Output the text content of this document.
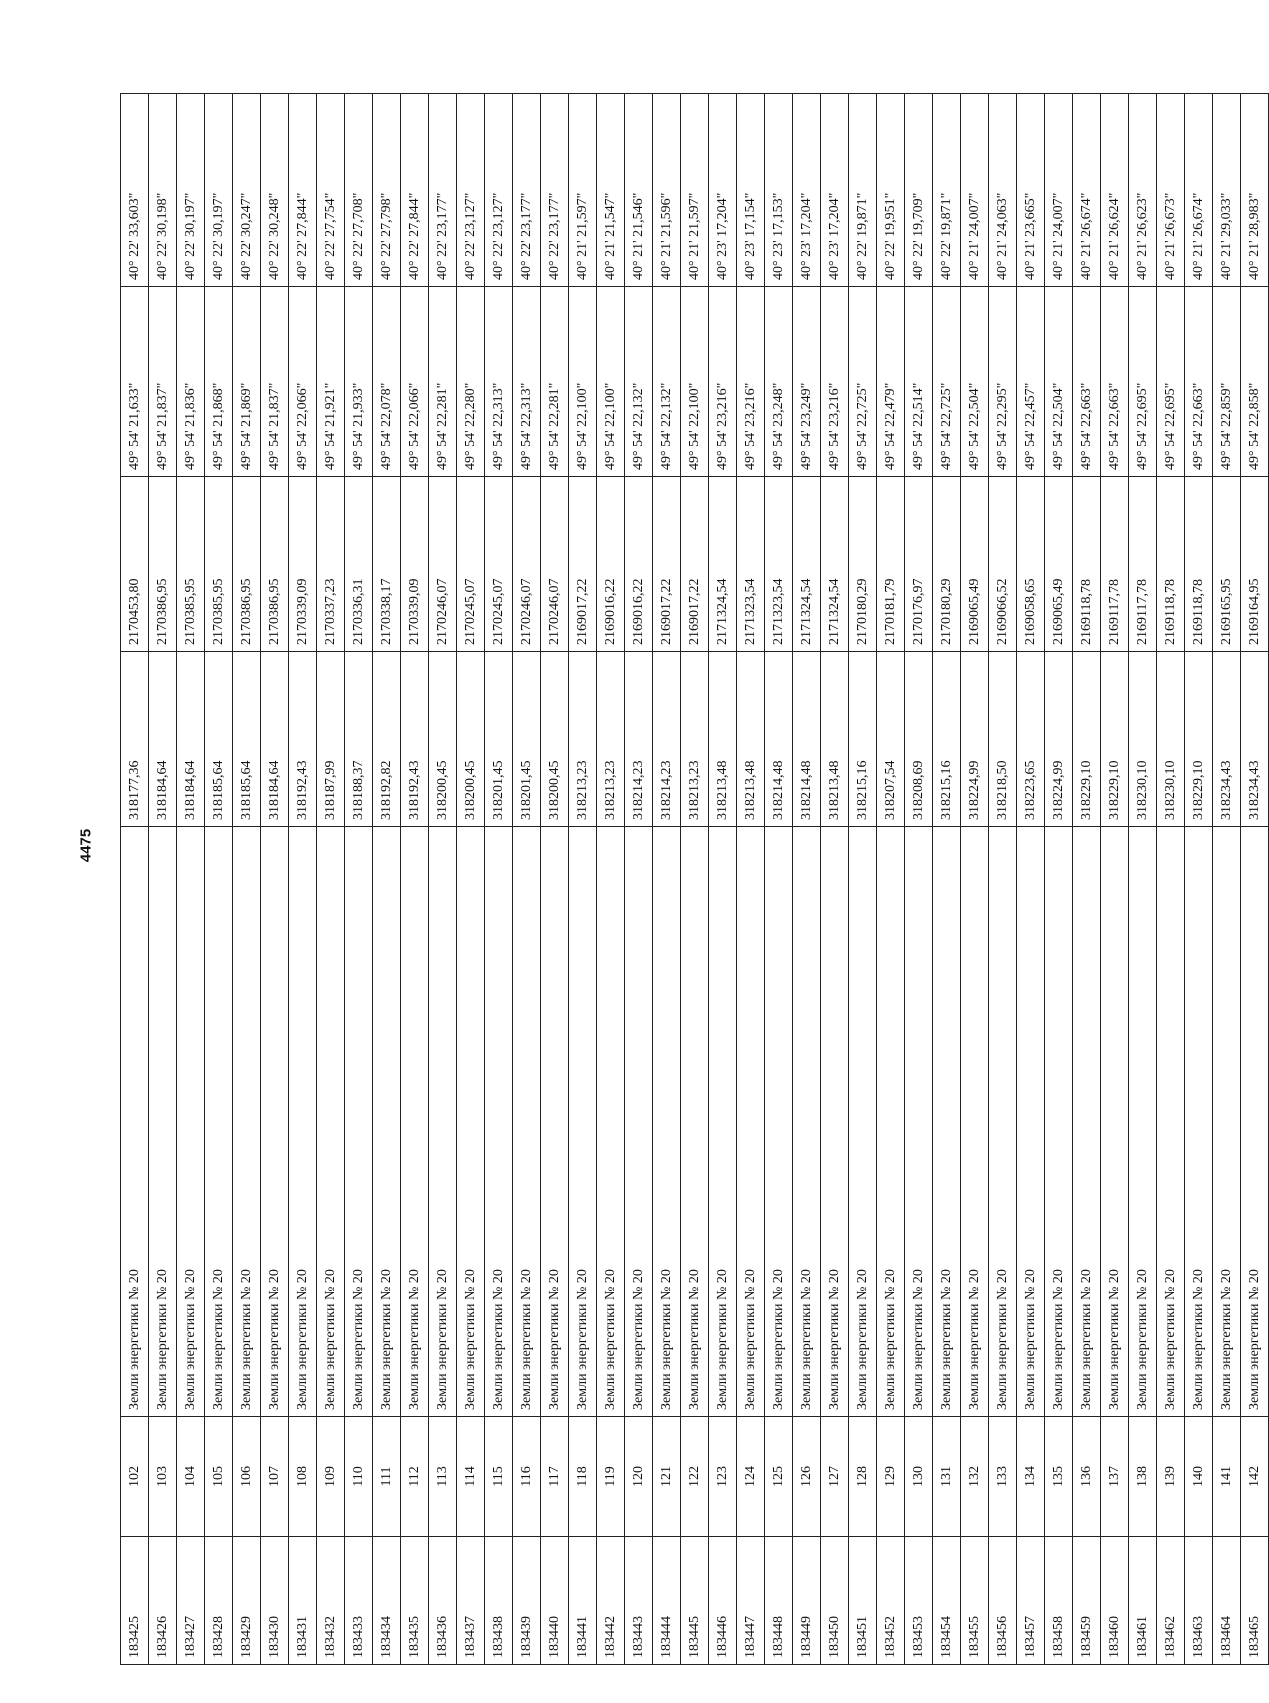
4475
183425	102	Земли энергетики № 20	318177,36	2170453,80	49° 54' 21,633"	40° 22' 33,603"
183426	103	Земли энергетики № 20	318184,64	2170386,95	49° 54' 21,837"	40° 22' 30,198"
183427	104	Земли энергетики № 20	318184,64	2170385,95	49° 54' 21,836"	40° 22' 30,197"
183428	105	Земли энергетики № 20	318185,64	2170385,95	49° 54' 21,868"	40° 22' 30,197"
183429	106	Земли энергетики № 20	318185,64	2170386,95	49° 54' 21,869"	40° 22' 30,247"
183430	107	Земли энергетики № 20	318184,64	2170386,95	49° 54' 21,837"	40° 22' 30,248"
183431	108	Земли энергетики № 20	318192,43	2170339,09	49° 54' 22,066"	40° 22' 27,844"
183432	109	Земли энергетики № 20	318187,99	2170337,23	49° 54' 21,921"	40° 22' 27,754"
183433	110	Земли энергетики № 20	318188,37	2170336,31	49° 54' 21,933"	40° 22' 27,708"
183434	111	Земли энергетики № 20	318192,82	2170338,17	49° 54' 22,078"	40° 22' 27,798"
183435	112	Земли энергетики № 20	318192,43	2170339,09	49° 54' 22,066"	40° 22' 27,844"
183436	113	Земли энергетики № 20	318200,45	2170246,07	49° 54' 22,281"	40° 22' 23,177"
183437	114	Земли энергетики № 20	318200,45	2170245,07	49° 54' 22,280"	40° 22' 23,127"
183438	115	Земли энергетики № 20	318201,45	2170245,07	49° 54' 22,313"	40° 22' 23,127"
183439	116	Земли энергетики № 20	318201,45	2170246,07	49° 54' 22,313"	40° 22' 23,177"
183440	117	Земли энергетики № 20	318200,45	2170246,07	49° 54' 22,281"	40° 22' 23,177"
183441	118	Земли энергетики № 20	318213,23	2169017,22	49° 54' 22,100"	40° 21' 21,597"
183442	119	Земли энергетики № 20	318213,23	2169016,22	49° 54' 22,100"	40° 21' 21,547"
183443	120	Земли энергетики № 20	318214,23	2169016,22	49° 54' 22,132"	40° 21' 21,546"
183444	121	Земли энергетики № 20	318214,23	2169017,22	49° 54' 22,132"	40° 21' 21,596"
183445	122	Земли энергетики № 20	318213,23	2169017,22	49° 54' 22,100"	40° 21' 21,597"
183446	123	Земли энергетики № 20	318213,48	2171324,54	49° 54' 23,216"	40° 23' 17,204"
183447	124	Земли энергетики № 20	318213,48	2171323,54	49° 54' 23,216"	40° 23' 17,154"
183448	125	Земли энергетики № 20	318214,48	2171323,54	49° 54' 23,248"	40° 23' 17,153"
183449	126	Земли энергетики № 20	318214,48	2171324,54	49° 54' 23,249"	40° 23' 17,204"
183450	127	Земли энергетики № 20	318213,48	2171324,54	49° 54' 23,216"	40° 23' 17,204"
183451	128	Земли энергетики № 20	318215,16	2170180,29	49° 54' 22,725"	40° 22' 19,871"
183452	129	Земли энергетики № 20	318207,54	2170181,79	49° 54' 22,479"	40° 22' 19,951"
183453	130	Земли энергетики № 20	318208,69	2170176,97	49° 54' 22,514"	40° 22' 19,709"
183454	131	Земли энергетики № 20	318215,16	2170180,29	49° 54' 22,725"	40° 22' 19,871"
183455	132	Земли энергетики № 20	318224,99	2169065,49	49° 54' 22,504"	40° 21' 24,007"
183456	133	Земли энергетики № 20	318218,50	2169066,52	49° 54' 22,295"	40° 21' 24,063"
183457	134	Земли энергетики № 20	318223,65	2169058,65	49° 54' 22,457"	40° 21' 23,665"
183458	135	Земли энергетики № 20	318224,99	2169065,49	49° 54' 22,504"	40° 21' 24,007"
183459	136	Земли энергетики № 20	318229,10	2169118,78	49° 54' 22,663"	40° 21' 26,674"
183460	137	Земли энергетики № 20	318229,10	2169117,78	49° 54' 22,663"	40° 21' 26,624"
183461	138	Земли энергетики № 20	318230,10	2169117,78	49° 54' 22,695"	40° 21' 26,623"
183462	139	Земли энергетики № 20	318230,10	2169118,78	49° 54' 22,695"	40° 21' 26,673"
183463	140	Земли энергетики № 20	318229,10	2169118,78	49° 54' 22,663"	40° 21' 26,674"
183464	141	Земли энергетики № 20	318234,43	2169165,95	49° 54' 22,859"	40° 21' 29,033"
183465	142	Земли энергетики № 20	318234,43	2169164,95	49° 54' 22,858"	40° 21' 28,983"
